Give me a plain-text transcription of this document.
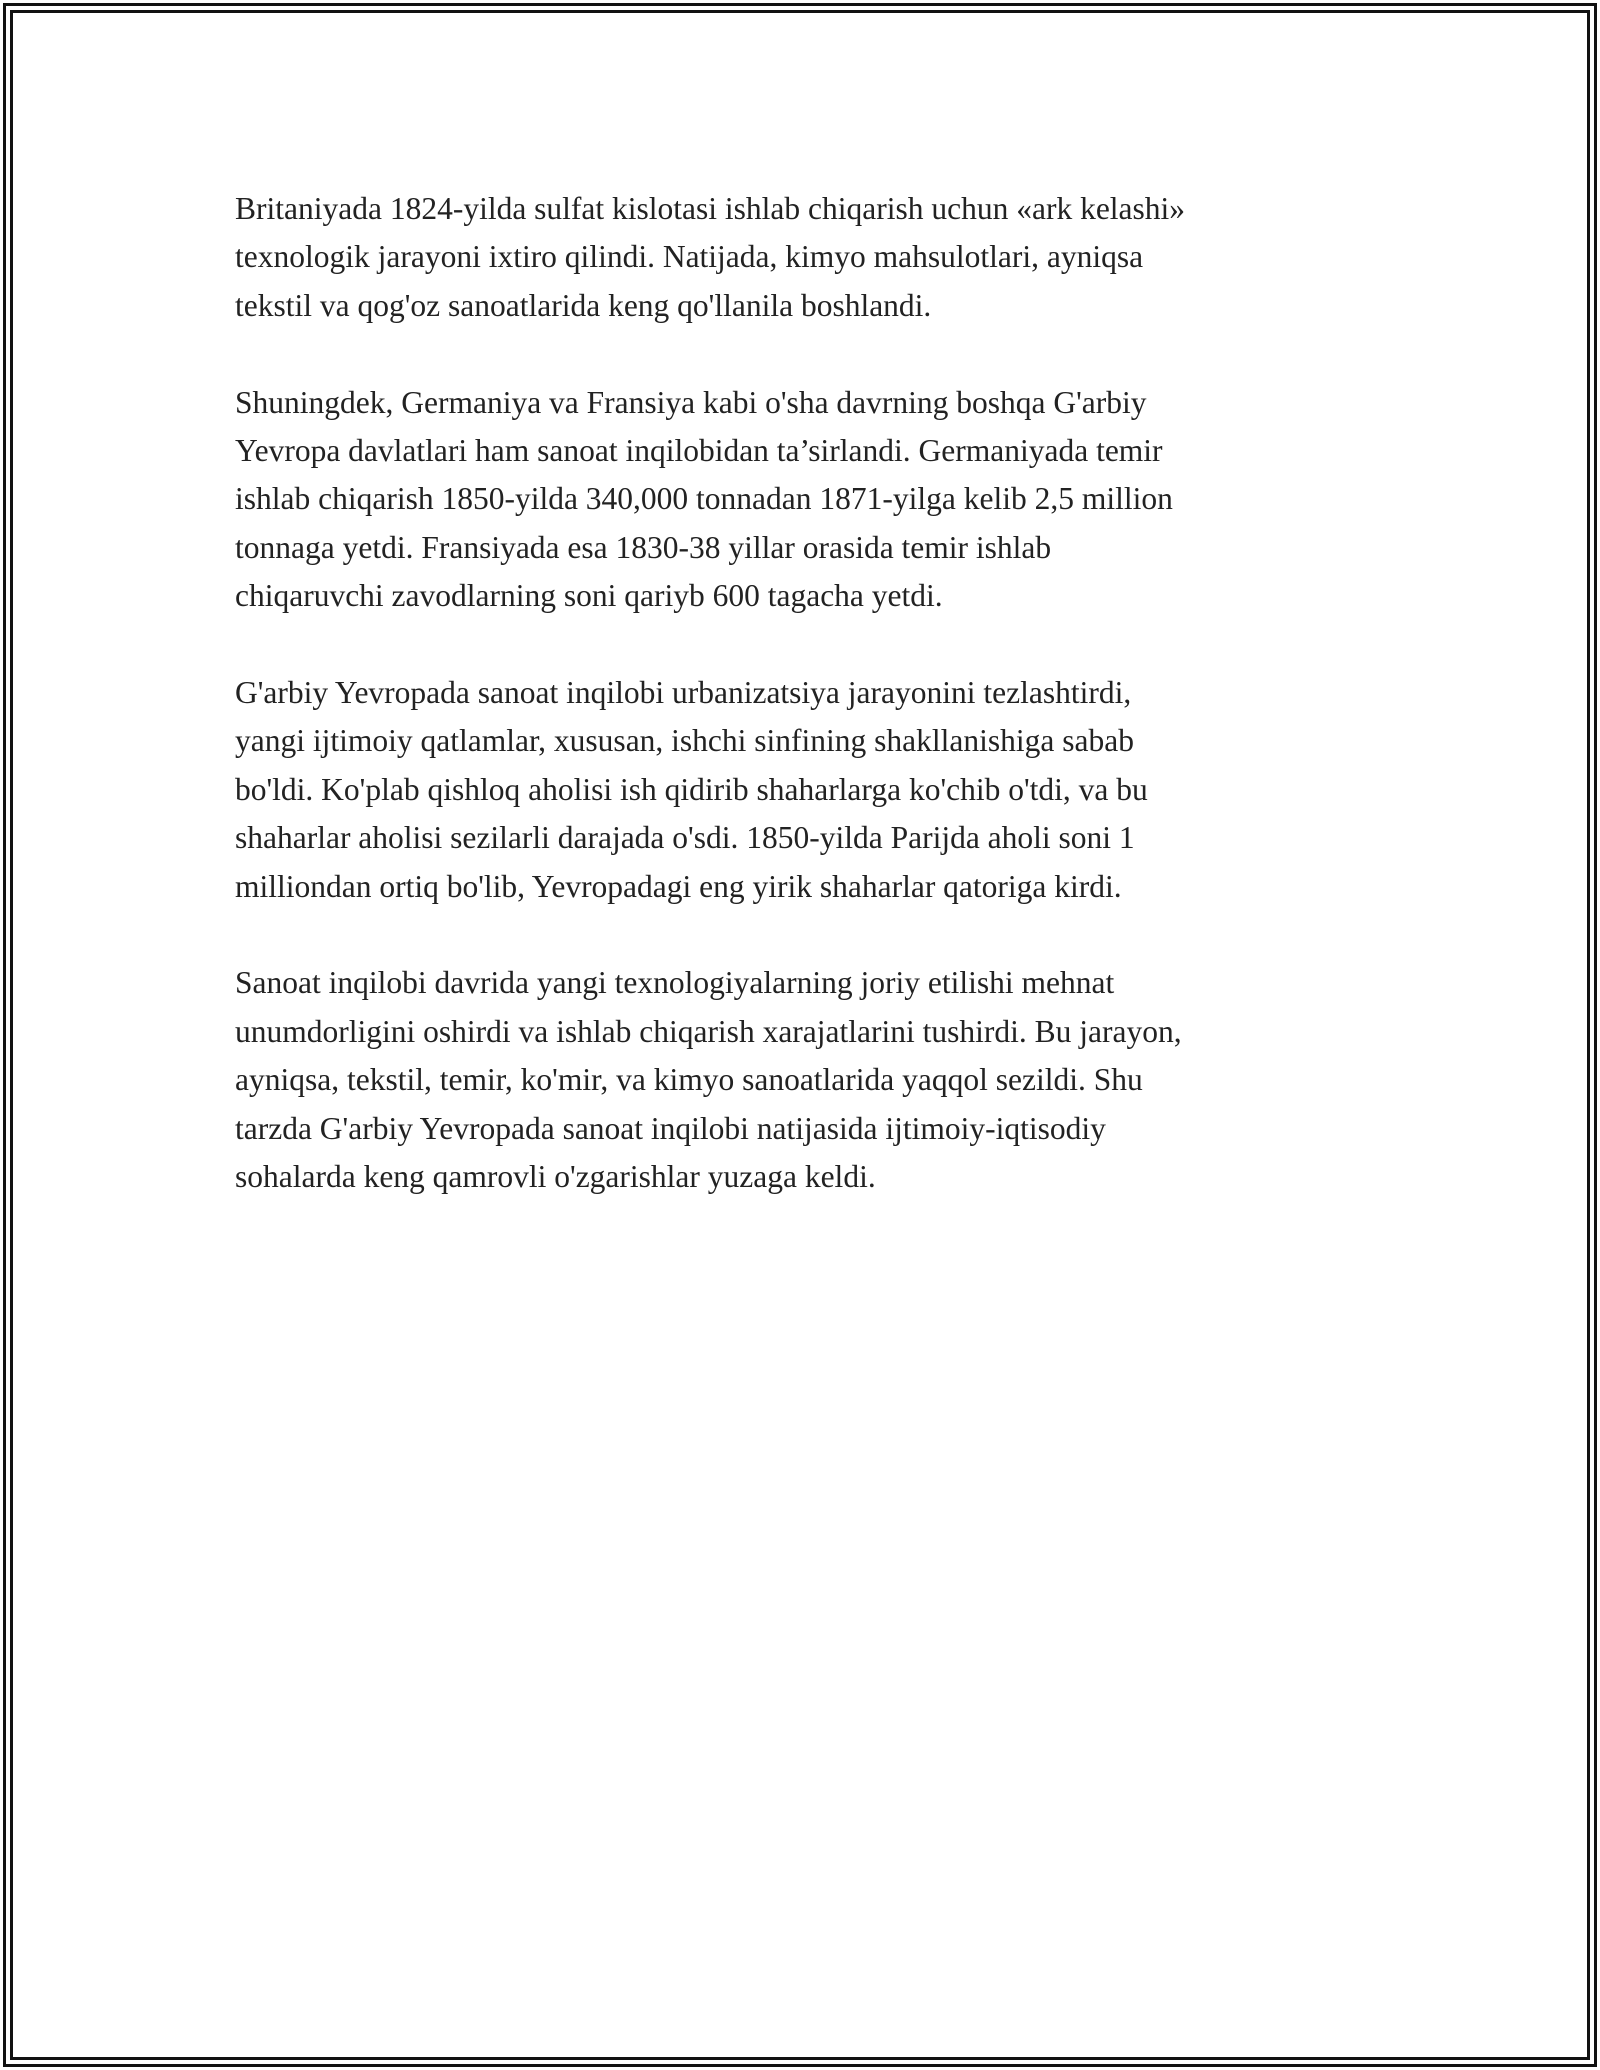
Britaniyada 1824-yilda sulfat kislotasi ishlab chiqarish uchun «ark kelashi»
texnologik jarayoni ixtiro qilindi. Natijada, kimyo mahsulotlari, ayniqsa
tekstil va qog'oz sanoatlarida keng qo'llanila boshlandi.

Shuningdek, Germaniya va Fransiya kabi o'sha davrning boshqa G'arbiy
Yevropa davlatlari ham sanoat inqilobidan ta’sirlandi. Germaniyada temir
ishlab chiqarish 1850-yilda 340,000 tonnadan 1871-yilga kelib 2,5 million
tonnaga yetdi. Fransiyada esa 1830-38 yillar orasida temir ishlab
chiqaruvchi zavodlarning soni qariyb 600 tagacha yetdi.

G'arbiy Yevropada sanoat inqilobi urbanizatsiya jarayonini tezlashtirdi,
yangi ijtimoiy qatlamlar, xususan, ishchi sinfining shakllanishiga sabab
bo'ldi. Ko'plab qishloq aholisi ish qidirib shaharlarga ko'chib o'tdi, va bu
shaharlar aholisi sezilarli darajada o'sdi. 1850-yilda Parijda aholi soni 1
milliondan ortiq bo'lib, Yevropadagi eng yirik shaharlar qatoriga kirdi.

Sanoat inqilobi davrida yangi texnologiyalarning joriy etilishi mehnat
unumdorligini oshirdi va ishlab chiqarish xarajatlarini tushirdi. Bu jarayon,
ayniqsa, tekstil, temir, ko'mir, va kimyo sanoatlarida yaqqol sezildi. Shu
tarzda G'arbiy Yevropada sanoat inqilobi natijasida ijtimoiy-iqtisodiy
sohalarda keng qamrovli o'zgarishlar yuzaga keldi.
